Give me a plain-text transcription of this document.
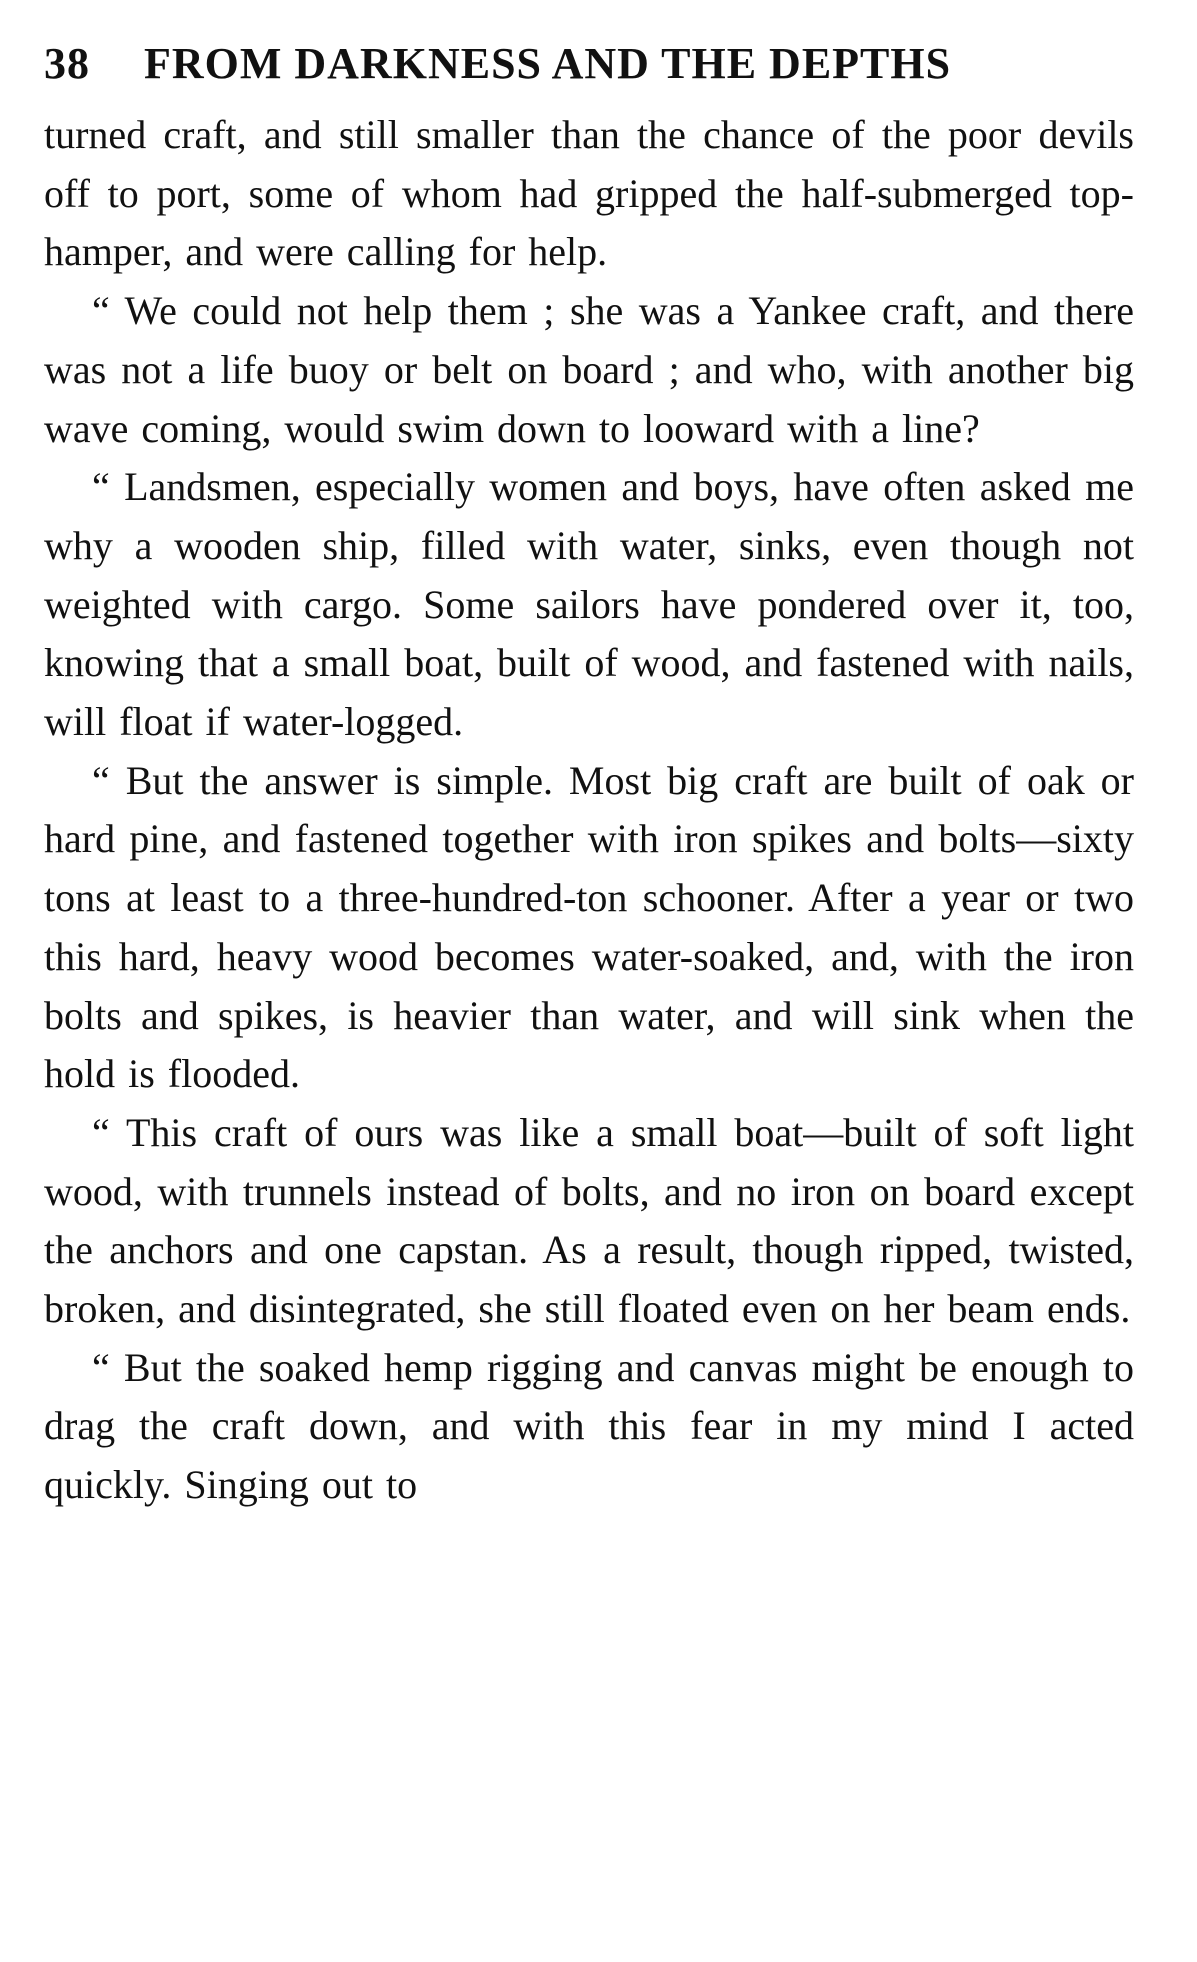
38 FROM DARKNESS AND THE DEPTHS

turned craft, and still smaller than the chance of the poor devils off to port, some of whom had gripped the half-submerged top-hamper, and were calling for help.

“ We could not help them ; she was a Yankee craft, and there was not a life buoy or belt on board ; and who, with another big wave coming, would swim down to looward with a line?

“ Landsmen, especially women and boys, have often asked me why a wooden ship, filled with water, sinks, even though not weighted with cargo. Some sailors have pondered over it, too, knowing that a small boat, built of wood, and fastened with nails, will float if water-logged.

“ But the answer is simple. Most big craft are built of oak or hard pine, and fastened together with iron spikes and bolts—sixty tons at least to a three-hundred-ton schooner. After a year or two this hard, heavy wood becomes water-soaked, and, with the iron bolts and spikes, is heavier than water, and will sink when the hold is flooded.

“ This craft of ours was like a small boat—built of soft light wood, with trunnels instead of bolts, and no iron on board except the anchors and one capstan. As a result, though ripped, twisted, broken, and disintegrated, she still floated even on her beam ends.

“ But the soaked hemp rigging and canvas might be enough to drag the craft down, and with this fear in my mind I acted quickly. Singing out to
